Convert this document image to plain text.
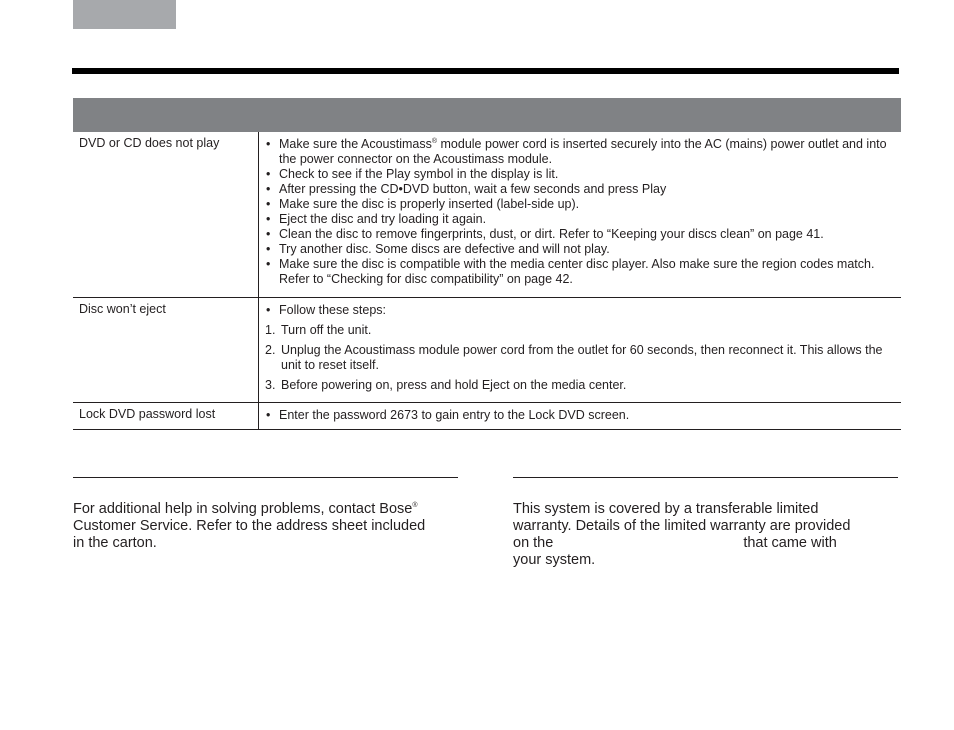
DVD or CD does not play	• Make sure the Acoustimass® module power cord is inserted securely into the AC (mains) power outlet and into the power connector on the Acoustimass module.
• Check to see if the Play symbol in the display is lit.
• After pressing the CD•DVD button, wait a few seconds and press Play
• Make sure the disc is properly inserted (label-side up).
• Eject the disc and try loading it again.
• Clean the disc to remove fingerprints, dust, or dirt. Refer to “Keeping your discs clean” on page 41.
• Try another disc. Some discs are defective and will not play.
• Make sure the disc is compatible with the media center disc player. Also make sure the region codes match. Refer to “Checking for disc compatibility” on page 42.
Disc won’t eject	• Follow these steps:
1. Turn off the unit.
2. Unplug the Acoustimass module power cord from the outlet for 60 seconds, then reconnect it. This allows the unit to reset itself.
3. Before powering on, press and hold Eject on the media center.
Lock DVD password lost	• Enter the password 2673 to gain entry to the Lock DVD screen.
For additional help in solving problems, contact Bose®
Customer Service. Refer to the address sheet included
in the carton.
This system is covered by a transferable limited
warranty. Details of the limited warranty are provided
on the	that came with
your system.
